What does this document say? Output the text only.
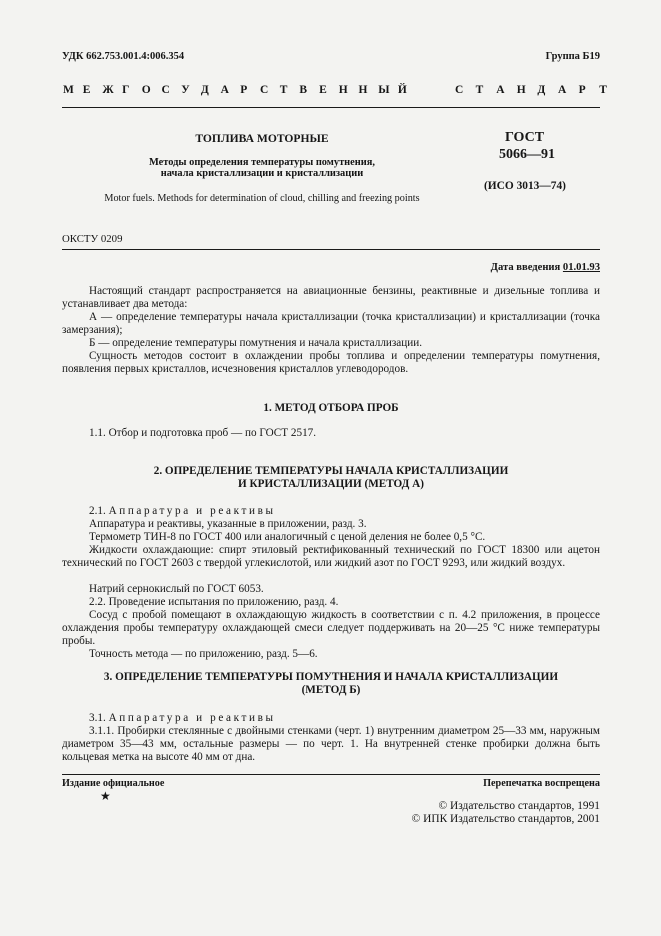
УДК 662.753.001.4:006.354	Группа Б19
М Е Ж Г О С У Д А Р С Т В Е Н Н Ы Й	С Т А Н Д А Р Т
ТОПЛИВА МОТОРНЫЕ
Методы определения температуры помутнения,
начала кристаллизации и кристаллизации
Motor fuels. Methods for determination of cloud, chilling and freezing points
ГОСТ
5066—91
(ИСО 3013—74)
ОКСТУ 0209
Дата введения 01.01.93
Настоящий стандарт распространяется на авиационные бензины, реактивные и дизельные топлива и устанавливает два метода:
А — определение температуры начала кристаллизации (точка кристаллизации) и кристаллизации (точка замерзания);
Б — определение температуры помутнения и начала кристаллизации.
Сущность методов состоит в охлаждении пробы топлива и определении температуры помутнения, появления первых кристаллов, исчезновения кристаллов углеводородов.
1. МЕТОД ОТБОРА ПРОБ
1.1. Отбор и подготовка проб — по ГОСТ 2517.
2. ОПРЕДЕЛЕНИЕ ТЕМПЕРАТУРЫ НАЧАЛА КРИСТАЛЛИЗАЦИИ
И КРИСТАЛЛИЗАЦИИ (МЕТОД А)
2.1. Аппаратура и реактивы
Аппаратура и реактивы, указанные в приложении, разд. 3.
Термометр ТИН-8 по ГОСТ 400 или аналогичный с ценой деления не более 0,5 °С.
Жидкости охлаждающие: спирт этиловый ректификованный технический по ГОСТ 18300 или ацетон технический по ГОСТ 2603 с твердой углекислотой, или жидкий азот по ГОСТ 9293, или жидкий воздух.
Натрий сернокислый по ГОСТ 6053.
2.2. Проведение испытания по приложению, разд. 4.
Сосуд с пробой помещают в охлаждающую жидкость в соответствии с п. 4.2 приложения, в процессе охлаждения пробы температуру охлаждающей смеси следует поддерживать на 20—25 °С ниже температуры пробы.
Точность метода — по приложению, разд. 5—6.
3. ОПРЕДЕЛЕНИЕ ТЕМПЕРАТУРЫ ПОМУТНЕНИЯ И НАЧАЛА КРИСТАЛЛИЗАЦИИ
(МЕТОД Б)
3.1. Аппаратура и реактивы
3.1.1. Пробирки стеклянные с двойными стенками (черт. 1) внутренним диаметром 25—33 мм, наружным диаметром 35—43 мм, остальные размеры — по черт. 1. На внутренней стенке пробирки должна быть кольцевая метка на высоте 40 мм от дна.
Издание официальное
★
Перепечатка воспрещена
© Издательство стандартов, 1991
© ИПК Издательство стандартов, 2001
